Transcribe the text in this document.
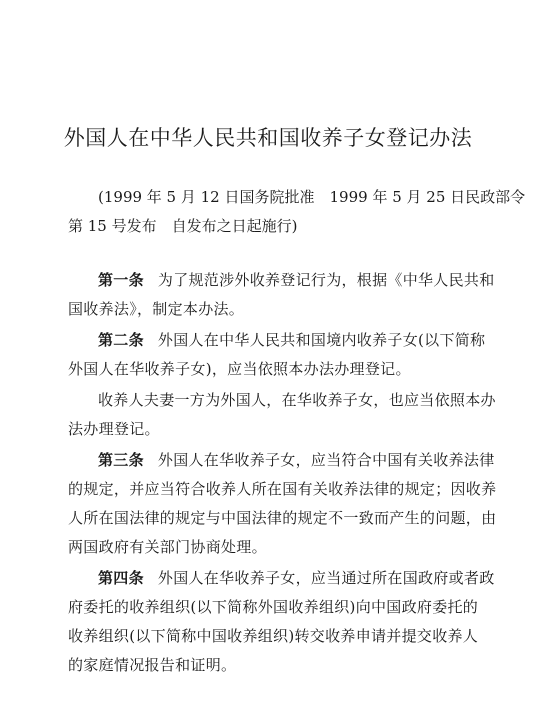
外国人在中华人民共和国收养子女登记办法
(1999 年 5 月 12 日国务院批准　1999 年 5 月 25 日民政部令
第 15 号发布　自发布之日起施行)
第一条 为了规范涉外收养登记行为，根据《中华人民共和
国收养法》，制定本办法。
第二条 外国人在中华人民共和国境内收养子女(以下简称
外国人在华收养子女)，应当依照本办法办理登记。
收养人夫妻一方为外国人，在华收养子女，也应当依照本办
法办理登记。
第三条 外国人在华收养子女，应当符合中国有关收养法律
的规定，并应当符合收养人所在国有关收养法律的规定；因收养
人所在国法律的规定与中国法律的规定不一致而产生的问题，由
两国政府有关部门协商处理。
第四条 外国人在华收养子女，应当通过所在国政府或者政
府委托的收养组织(以下简称外国收养组织)向中国政府委托的
收养组织(以下简称中国收养组织)转交收养申请并提交收养人
的家庭情况报告和证明。
